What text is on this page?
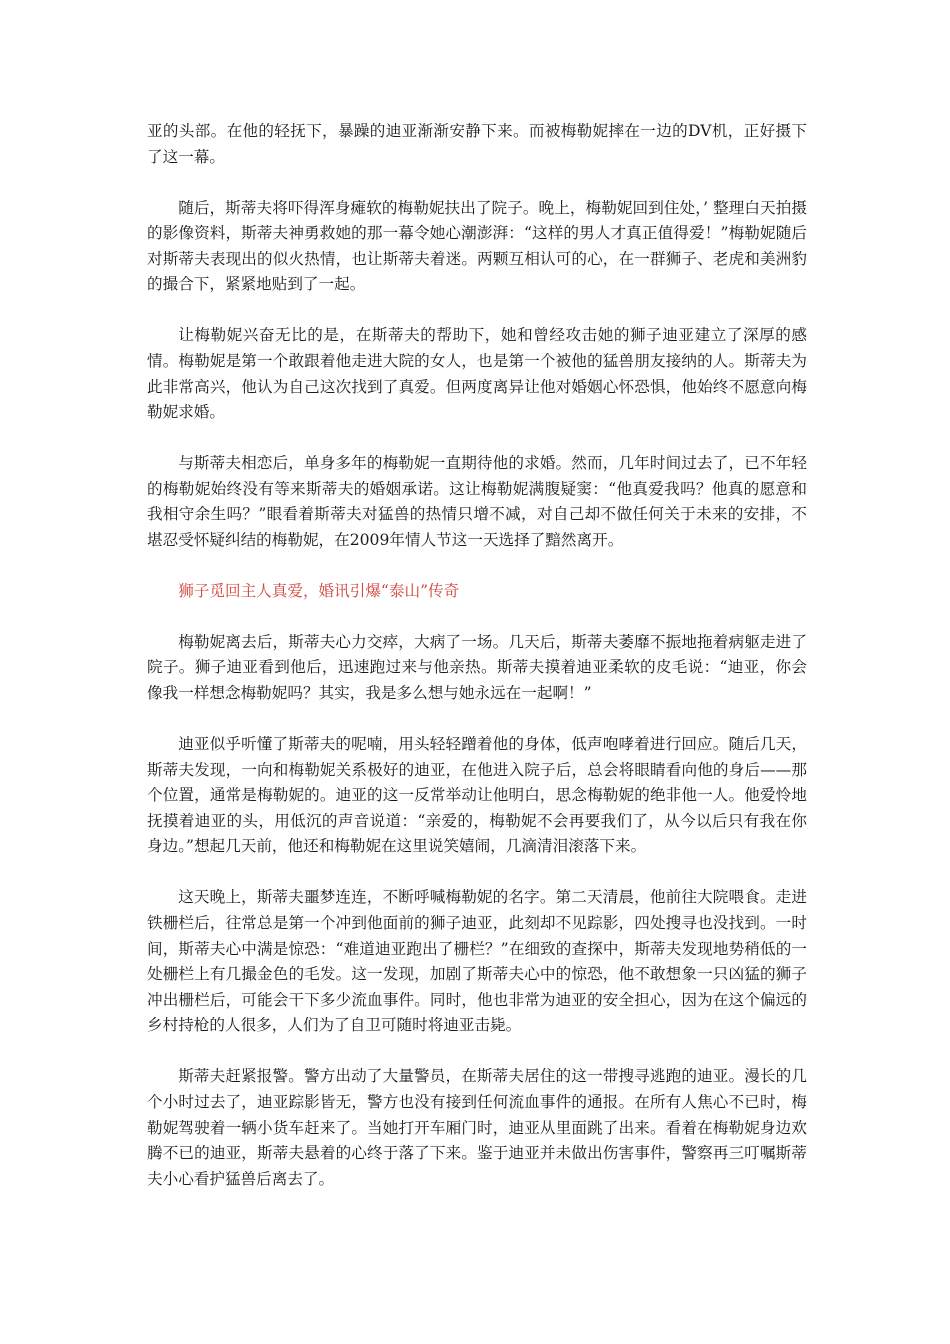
亚的头部。在他的轻抚下，暴躁的迪亚渐渐安静下来。而被梅勒妮摔在一边的DV机，正好摄下了这一幕。

随后，斯蒂夫将吓得浑身瘫软的梅勒妮扶出了院子。晚上，梅勒妮回到住处，’ 整理白天拍摄的影像资料，斯蒂夫神勇救她的那一幕令她心潮澎湃：“这样的男人才真正值得爱！”梅勒妮随后对斯蒂夫表现出的似火热情，也让斯蒂夫着迷。两颗互相认可的心，在一群狮子、老虎和美洲豹的撮合下，紧紧地贴到了一起。

让梅勒妮兴奋无比的是，在斯蒂夫的帮助下，她和曾经攻击她的狮子迪亚建立了深厚的感情。梅勒妮是第一个敢跟着他走进大院的女人，也是第一个被他的猛兽朋友接纳的人。斯蒂夫为此非常高兴，他认为自己这次找到了真爱。但两度离异让他对婚姻心怀恐惧，他始终不愿意向梅勒妮求婚。

与斯蒂夫相恋后，单身多年的梅勒妮一直期待他的求婚。然而，几年时间过去了，已不年轻的梅勒妮始终没有等来斯蒂夫的婚姻承诺。这让梅勒妮满腹疑窦：“他真爱我吗？他真的愿意和我相守余生吗？”眼看着斯蒂夫对猛兽的热情只增不减，对自己却不做任何关于未来的安排，不堪忍受怀疑纠结的梅勒妮，在2009年情人节这一天选择了黯然离开。

狮子觅回主人真爱，婚讯引爆“泰山”传奇

梅勒妮离去后，斯蒂夫心力交瘁，大病了一场。几天后，斯蒂夫萎靡不振地拖着病躯走进了院子。狮子迪亚看到他后，迅速跑过来与他亲热。斯蒂夫摸着迪亚柔软的皮毛说：“迪亚，你会像我一样想念梅勒妮吗？其实，我是多么想与她永远在一起啊！”

迪亚似乎听懂了斯蒂夫的呢喃，用头轻轻蹭着他的身体，低声咆哮着进行回应。随后几天，斯蒂夫发现，一向和梅勒妮关系极好的迪亚，在他进入院子后，总会将眼睛看向他的身后——那个位置，通常是梅勒妮的。迪亚的这一反常举动让他明白，思念梅勒妮的绝非他一人。他爱怜地抚摸着迪亚的头，用低沉的声音说道：“亲爱的，梅勒妮不会再要我们了，从今以后只有我在你身边。”想起几天前，他还和梅勒妮在这里说笑嬉闹，几滴清泪滚落下来。

这天晚上，斯蒂夫噩梦连连，不断呼喊梅勒妮的名字。第二天清晨，他前往大院喂食。走进铁栅栏后，往常总是第一个冲到他面前的狮子迪亚，此刻却不见踪影，四处搜寻也没找到。一时间，斯蒂夫心中满是惊恐：“难道迪亚跑出了栅栏？”在细致的查探中，斯蒂夫发现地势稍低的一处栅栏上有几撮金色的毛发。这一发现，加剧了斯蒂夫心中的惊恐，他不敢想象一只凶猛的狮子冲出栅栏后，可能会干下多少流血事件。同时，他也非常为迪亚的安全担心，因为在这个偏远的乡村持枪的人很多，人们为了自卫可随时将迪亚击毙。

斯蒂夫赶紧报警。警方出动了大量警员，在斯蒂夫居住的这一带搜寻逃跑的迪亚。漫长的几个小时过去了，迪亚踪影皆无，警方也没有接到任何流血事件的通报。在所有人焦心不已时，梅勒妮驾驶着一辆小货车赶来了。当她打开车厢门时，迪亚从里面跳了出来。看着在梅勒妮身边欢腾不已的迪亚，斯蒂夫悬着的心终于落了下来。鉴于迪亚并未做出伤害事件，警察再三叮嘱斯蒂夫小心看护猛兽后离去了。
